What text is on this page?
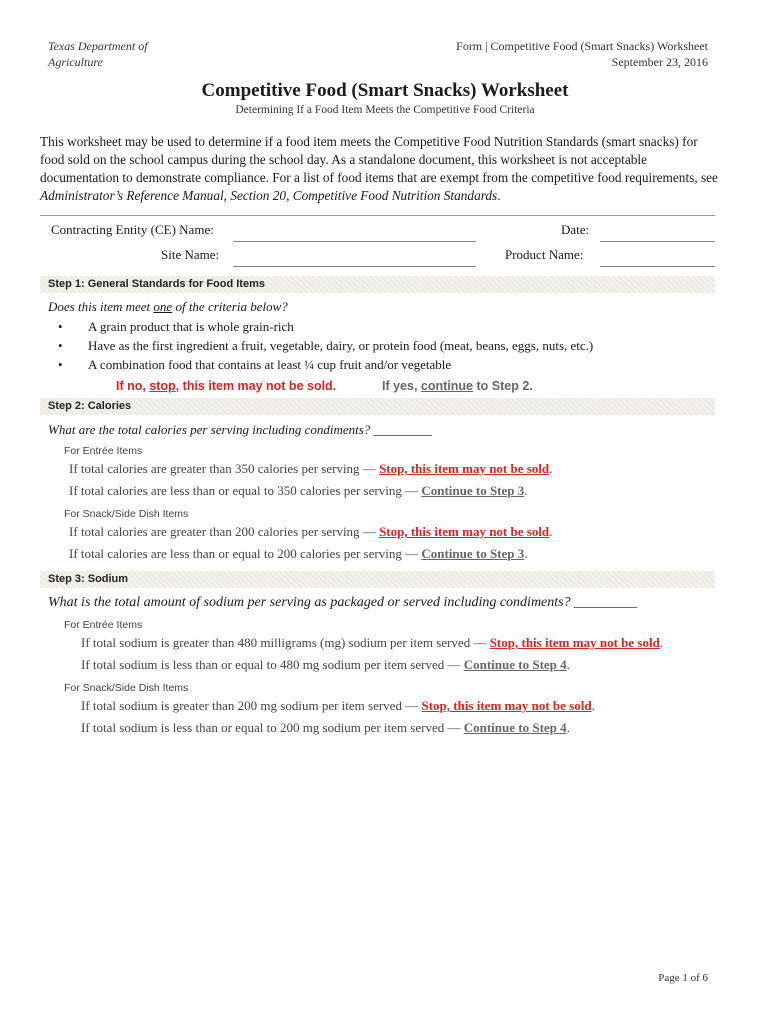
Texas Department of
Agriculture
Form | Competitive Food (Smart Snacks) Worksheet
September 23, 2016
Competitive Food (Smart Snacks) Worksheet
Determining If a Food Item Meets the Competitive Food Criteria
This worksheet may be used to determine if a food item meets the Competitive Food Nutrition Standards (smart snacks) for food sold on the school campus during the school day. As a standalone document, this worksheet is not acceptable documentation to demonstrate compliance. For a list of food items that are exempt from the competitive food requirements, see Administrator’s Reference Manual, Section 20, Competitive Food Nutrition Standards.
Contracting Entity (CE) Name:	Date:
Site Name:	Product Name:
Step 1: General Standards for Food Items
Does this item meet one of the criteria below?
• A grain product that is whole grain-rich
• Have as the first ingredient a fruit, vegetable, dairy, or protein food (meat, beans, eggs, nuts, etc.)
• A combination food that contains at least ¼ cup fruit and/or vegetable
If no, stop, this item may not be sold.	If yes, continue to Step 2.
Step 2: Calories
What are the total calories per serving including condiments? _________
For Entrée Items
If total calories are greater than 350 calories per serving — Stop, this item may not be sold.
If total calories are less than or equal to 350 calories per serving — Continue to Step 3.
For Snack/Side Dish Items
If total calories are greater than 200 calories per serving — Stop, this item may not be sold.
If total calories are less than or equal to 200 calories per serving — Continue to Step 3.
Step 3: Sodium
What is the total amount of sodium per serving as packaged or served including condiments? _________
For Entrée Items
If total sodium is greater than 480 milligrams (mg) sodium per item served — Stop, this item may not be sold.
If total sodium is less than or equal to 480 mg sodium per item served — Continue to Step 4.
For Snack/Side Dish Items
If total sodium is greater than 200 mg sodium per item served — Stop, this item may not be sold.
If total sodium is less than or equal to 200 mg sodium per item served — Continue to Step 4.
Page 1 of 6
